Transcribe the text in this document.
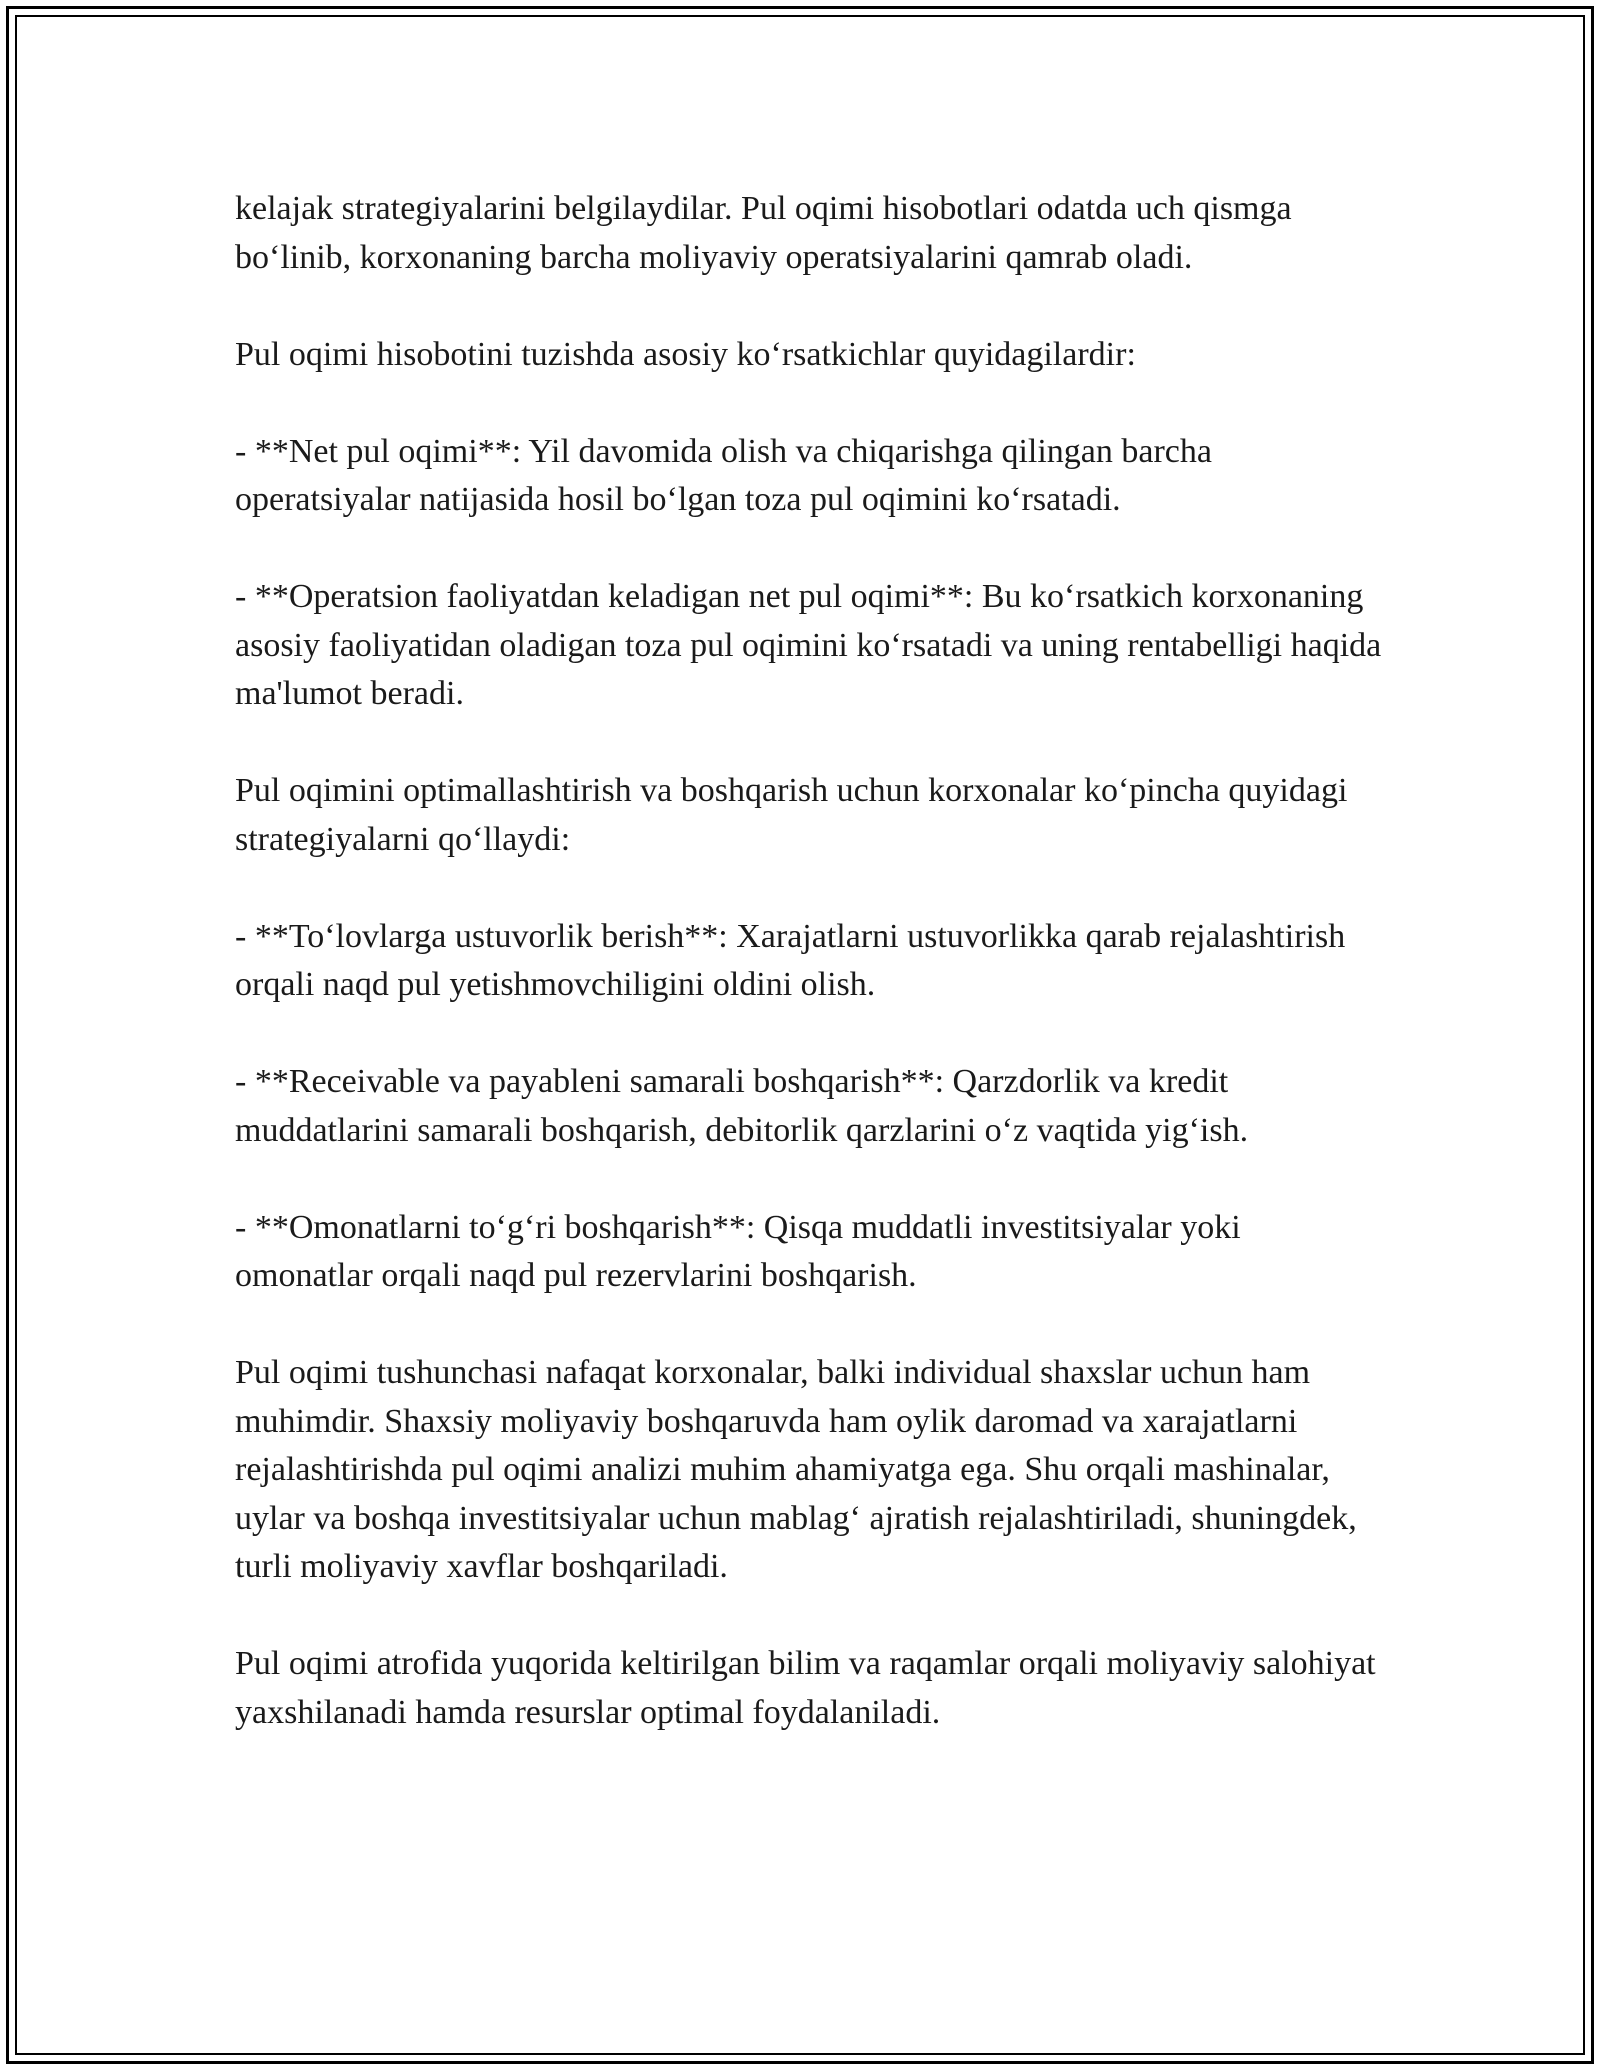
kelajak strategiyalarini belgilaydilar. Pul oqimi hisobotlari odatda uch qismga bo‘linib, korxonaning barcha moliyaviy operatsiyalarini qamrab oladi.

Pul oqimi hisobotini tuzishda asosiy ko‘rsatkichlar quyidagilardir:

- **Net pul oqimi**: Yil davomida olish va chiqarishga qilingan barcha operatsiyalar natijasida hosil bo‘lgan toza pul oqimini ko‘rsatadi.

- **Operatsion faoliyatdan keladigan net pul oqimi**: Bu ko‘rsatkich korxonaning asosiy faoliyatidan oladigan toza pul oqimini ko‘rsatadi va uning rentabelligi haqida ma'lumot beradi.

Pul oqimini optimallashtirish va boshqarish uchun korxonalar ko‘pincha quyidagi strategiyalarni qo‘llaydi:

- **To‘lovlarga ustuvorlik berish**: Xarajatlarni ustuvorlikka qarab rejalashtirish orqali naqd pul yetishmovchiligini oldini olish.

- **Receivable va payableni samarali boshqarish**: Qarzdorlik va kredit muddatlarini samarali boshqarish, debitorlik qarzlarini o‘z vaqtida yig‘ish.

- **Omonatlarni to‘g‘ri boshqarish**: Qisqa muddatli investitsiyalar yoki omonatlar orqali naqd pul rezervlarini boshqarish.

Pul oqimi tushunchasi nafaqat korxonalar, balki individual shaxslar uchun ham muhimdir. Shaxsiy moliyaviy boshqaruvda ham oylik daromad va xarajatlarni rejalashtirishda pul oqimi analizi muhim ahamiyatga ega. Shu orqali mashinalar, uylar va boshqa investitsiyalar uchun mablag‘ ajratish rejalashtiriladi, shuningdek, turli moliyaviy xavflar boshqariladi.

Pul oqimi atrofida yuqorida keltirilgan bilim va raqamlar orqali moliyaviy salohiyat yaxshilanadi hamda resurslar optimal foydalaniladi.
